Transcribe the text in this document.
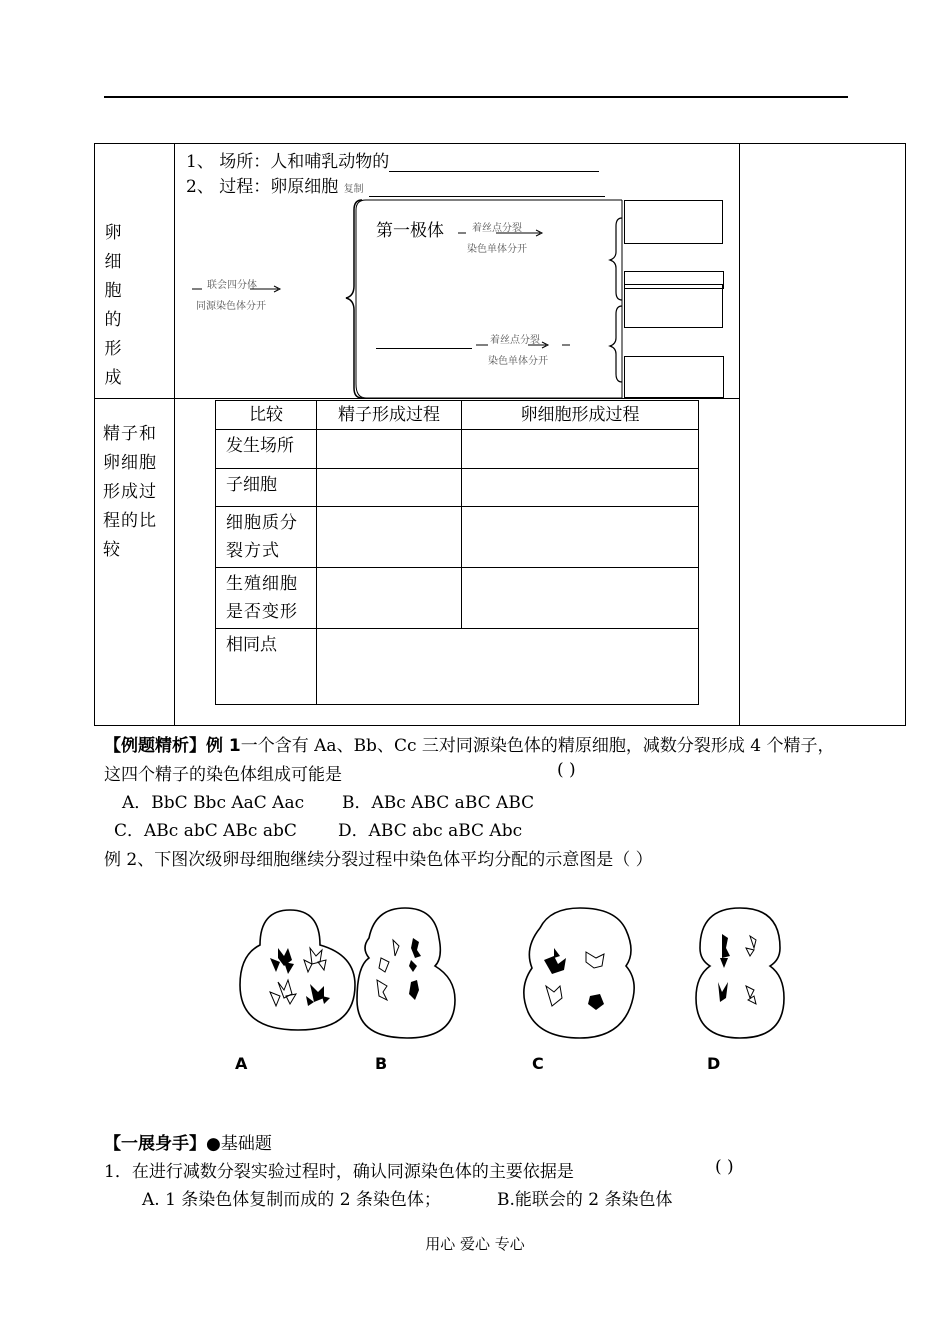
卵
细
胞
的
形
成
精子和
卵细胞
形成过
程的比
较
1、 场所：人和哺乳动物的
2、 过程：卵原细胞 复制
第一极体	着丝点分裂
染色单体分开
联会四分体
同源染色体分开
着丝点分裂
染色单体分开
比较	精子形成过程	卵细胞形成过程
发生场所		
子细胞		
细胞质分裂方式		
生殖细胞是否变形		
相同点		
【例题精析】例 1一个含有 Aa、Bb、Cc 三对同源染色体的精原细胞，减数分裂形成 4 个精子，
这四个精子的染色体组成可能是	( )
A．BbC Bbc AaC Aac B．ABc ABC aBC ABC
C．ABc abC ABc abC D．ABC abc aBC Abc
例 2、下图次级卵母细胞继续分裂过程中染色体平均分配的示意图是（ ）
A	B	C	D
【一展身手】●基础题
1．在进行减数分裂实验过程时，确认同源染色体的主要依据是	( )
A. 1 条染色体复制而成的 2 条染色体；	B.能联会的 2 条染色体
用心 爱心 专心
